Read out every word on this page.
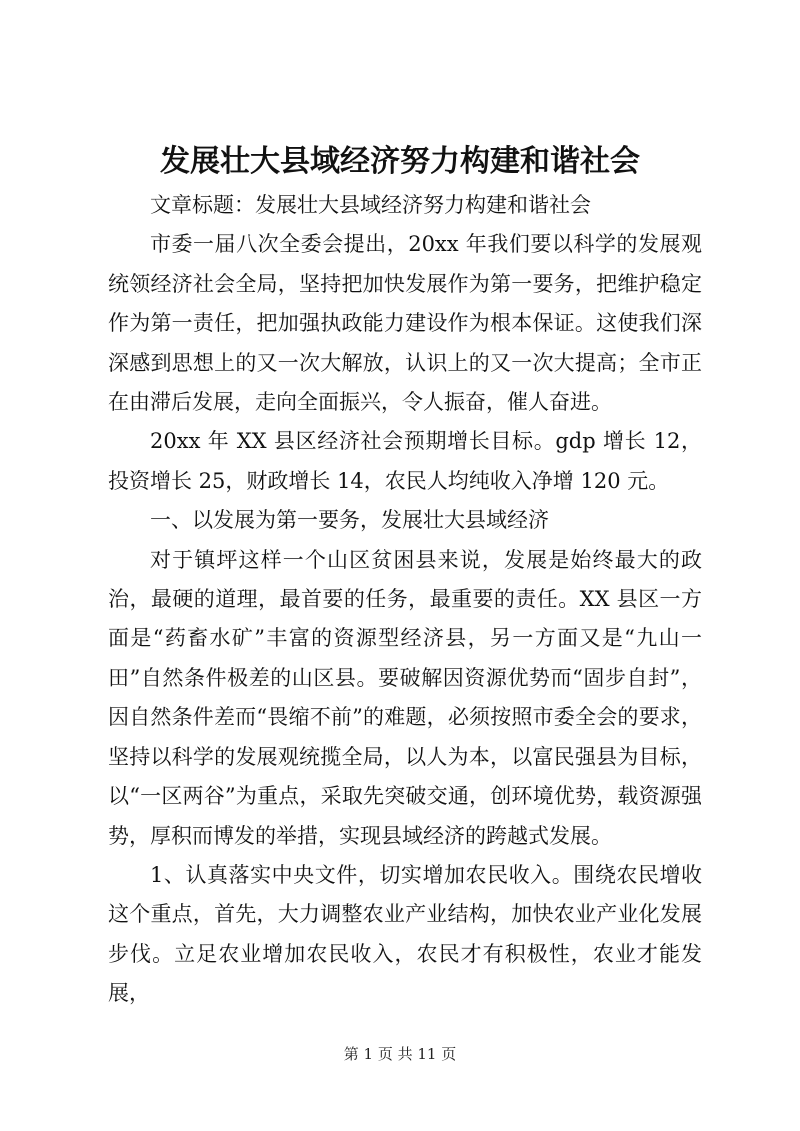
发展壮大县域经济努力构建和谐社会

文章标题：发展壮大县域经济努力构建和谐社会

市委一届八次全委会提出，20xx 年我们要以科学的发展观统领经济社会全局，坚持把加快发展作为第一要务，把维护稳定作为第一责任，把加强执政能力建设作为根本保证。这使我们深深感到思想上的又一次大解放，认识上的又一次大提高；全市正在由滞后发展，走向全面振兴，令人振奋，催人奋进。

20xx 年 XX 县区经济社会预期增长目标。gdp 增长 12，投资增长 25，财政增长 14，农民人均纯收入净增 120 元。

一、以发展为第一要务，发展壮大县域经济

对于镇坪这样一个山区贫困县来说，发展是始终最大的政治，最硬的道理，最首要的任务，最重要的责任。XX 县区一方面是“药畜水矿”丰富的资源型经济县，另一方面又是“九山一田”自然条件极差的山区县。要破解因资源优势而“固步自封”，因自然条件差而“畏缩不前”的难题，必须按照市委全会的要求，坚持以科学的发展观统揽全局，以人为本，以富民强县为目标，以“一区两谷”为重点，采取先突破交通，创环境优势，载资源强势，厚积而博发的举措，实现县域经济的跨越式发展。

1、认真落实中央文件，切实增加农民收入。围绕农民增收这个重点，首先，大力调整农业产业结构，加快农业产业化发展步伐。立足农业增加农民收入，农民才有积极性，农业才能发展，

第 1 页 共 11 页
